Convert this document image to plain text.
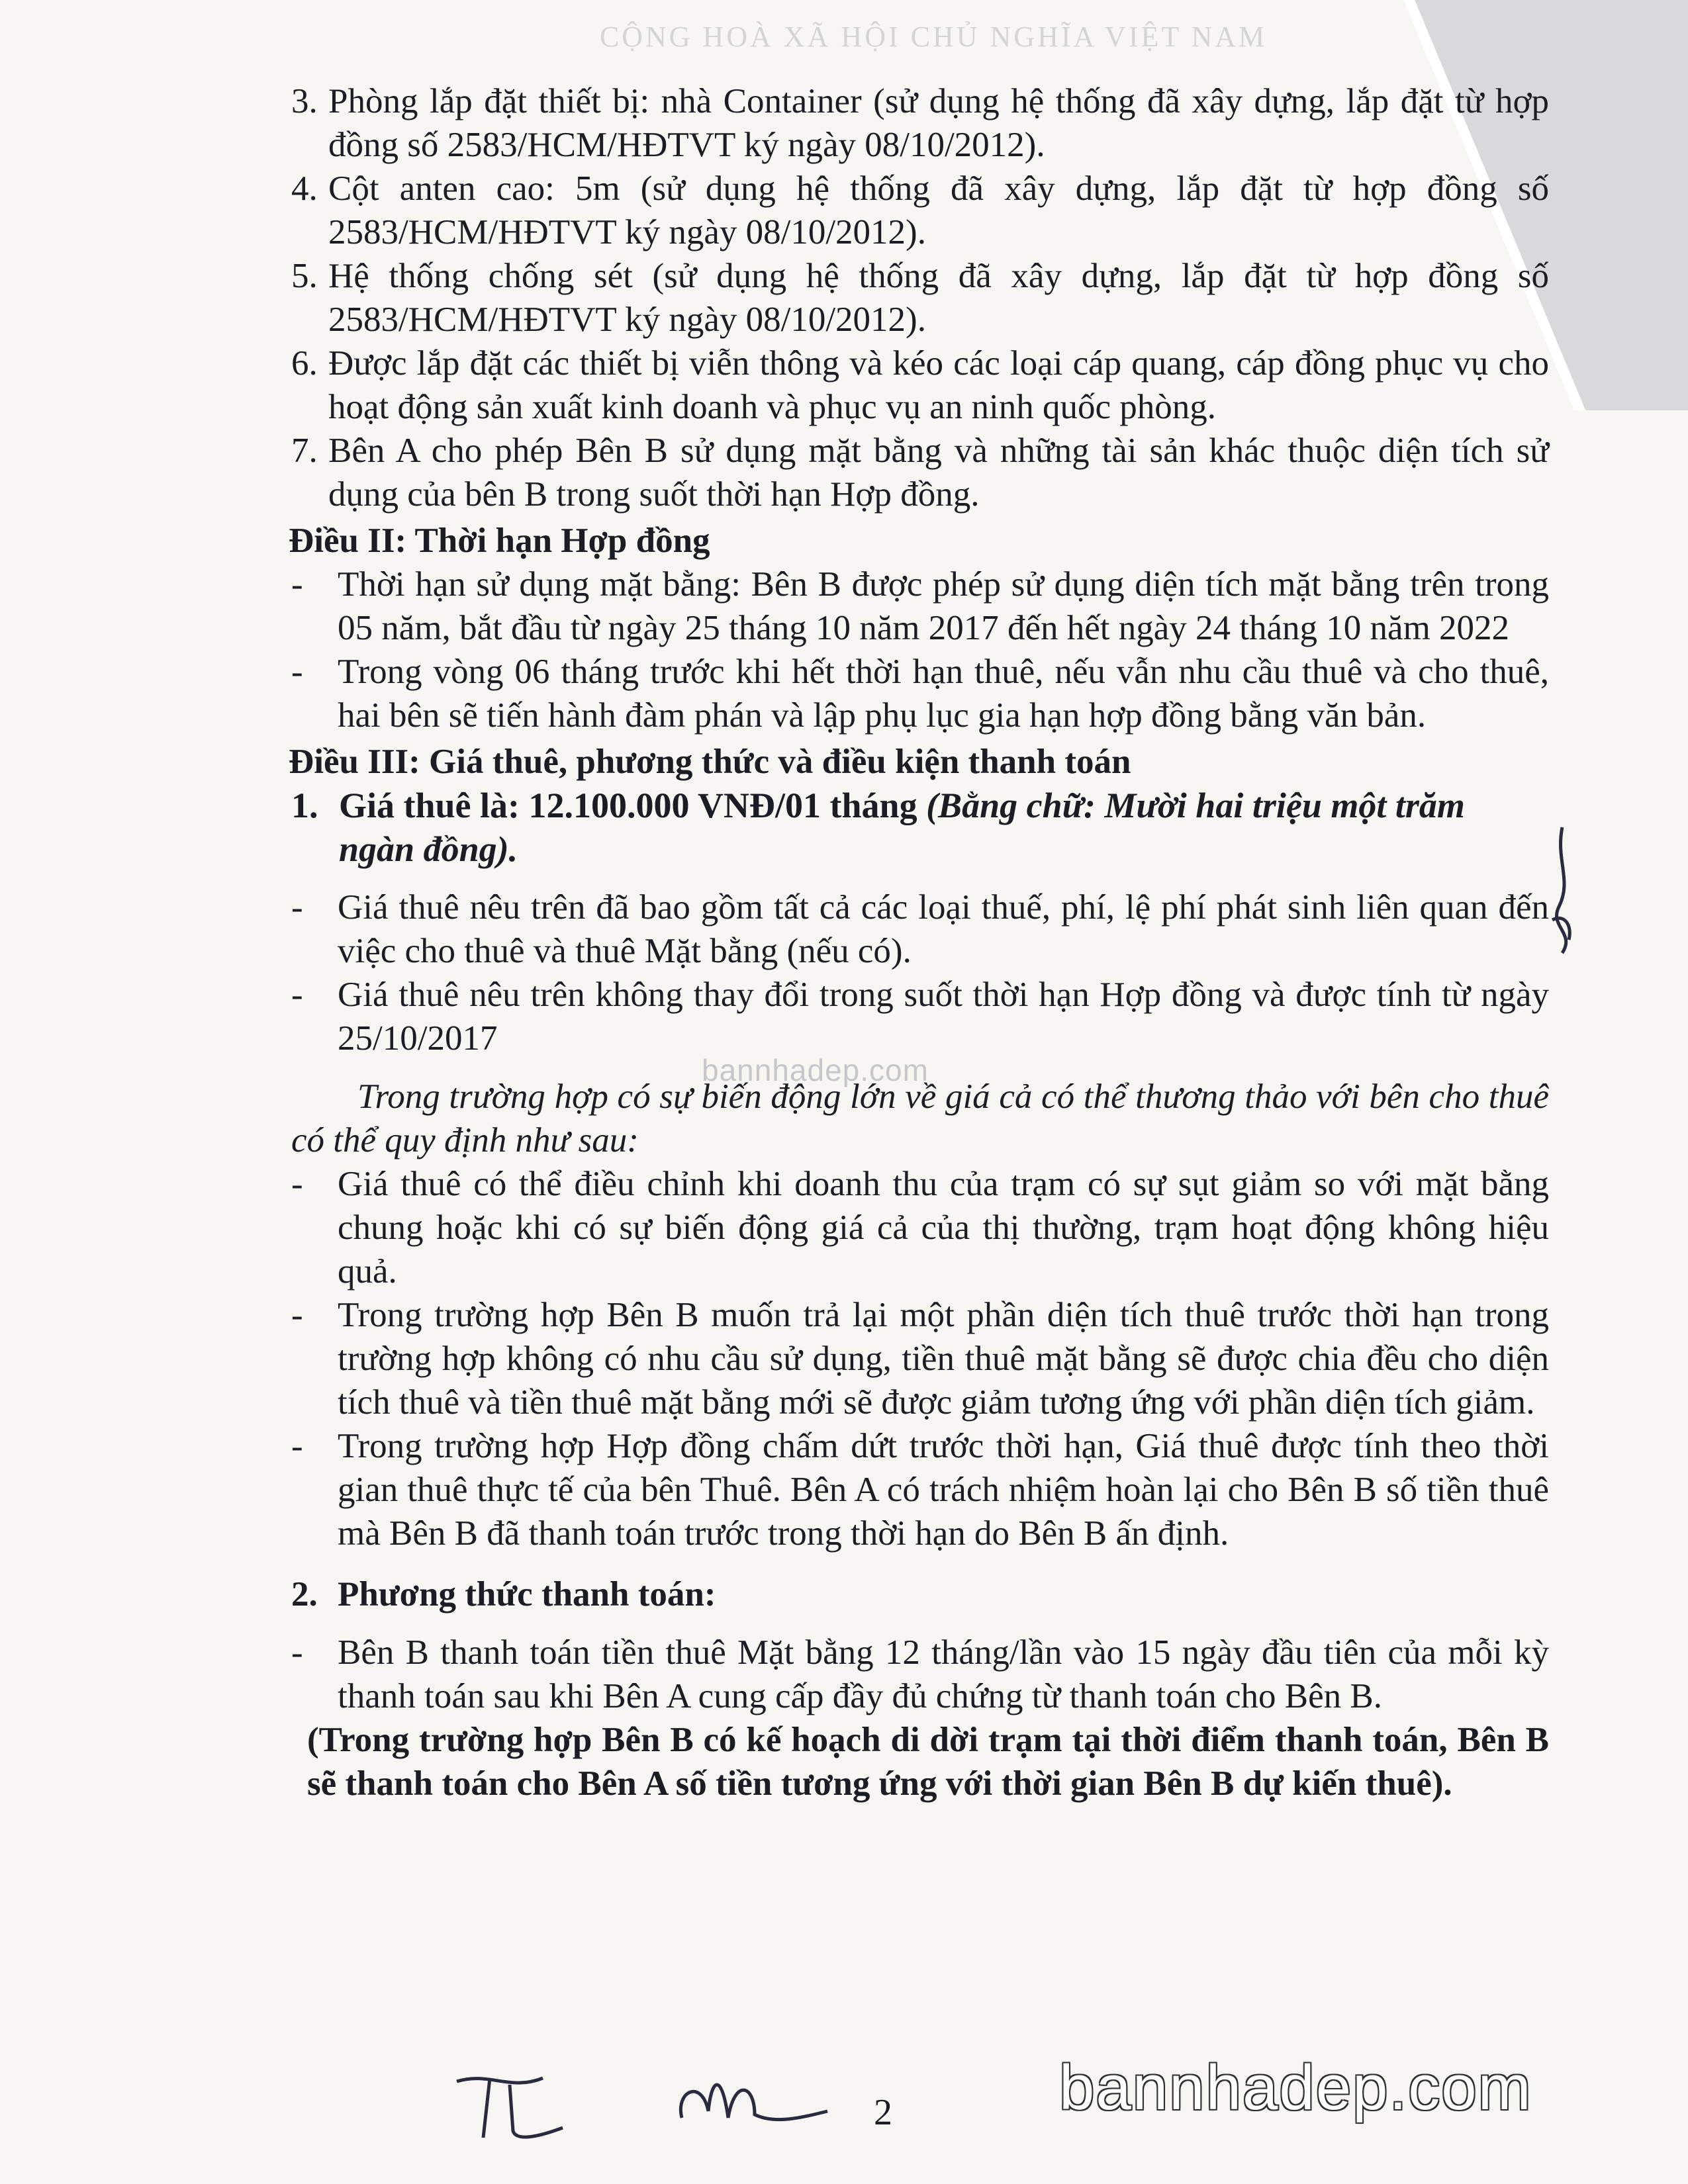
CỘNG HOÀ XÃ HỘI CHỦ NGHĨA VIỆT NAM
3. Phòng lắp đặt thiết bị: nhà Container (sử dụng hệ thống đã xây dựng, lắp đặt từ hợp đồng số 2583/HCM/HĐTVT ký ngày 08/10/2012).
4. Cột anten cao: 5m (sử dụng hệ thống đã xây dựng, lắp đặt từ hợp đồng số 2583/HCM/HĐTVT ký ngày 08/10/2012).
5. Hệ thống chống sét (sử dụng hệ thống đã xây dựng, lắp đặt từ hợp đồng số 2583/HCM/HĐTVT ký ngày 08/10/2012).
6. Được lắp đặt các thiết bị viễn thông và kéo các loại cáp quang, cáp đồng phục vụ cho hoạt động sản xuất kinh doanh và phục vụ an ninh quốc phòng.
7. Bên A cho phép Bên B sử dụng mặt bằng và những tài sản khác thuộc diện tích sử dụng của bên B trong suốt thời hạn Hợp đồng.
Điều II: Thời hạn Hợp đồng
- Thời hạn sử dụng mặt bằng: Bên B được phép sử dụng diện tích mặt bằng trên trong 05 năm, bắt đầu từ ngày 25 tháng 10 năm 2017 đến hết ngày 24 tháng 10 năm 2022
- Trong vòng 06 tháng trước khi hết thời hạn thuê, nếu vẫn nhu cầu thuê và cho thuê, hai bên sẽ tiến hành đàm phán và lập phụ lục gia hạn hợp đồng bằng văn bản.
Điều III: Giá thuê, phương thức và điều kiện thanh toán
1. Giá thuê là: 12.100.000 VNĐ/01 tháng (Bằng chữ: Mười hai triệu một trăm ngàn đồng).
- Giá thuê nêu trên đã bao gồm tất cả các loại thuế, phí, lệ phí phát sinh liên quan đến việc cho thuê và thuê Mặt bằng (nếu có).
- Giá thuê nêu trên không thay đổi trong suốt thời hạn Hợp đồng và được tính từ ngày 25/10/2017
Trong trường hợp có sự biến động lớn về giá cả có thể thương thảo với bên cho thuê có thể quy định như sau:
- Giá thuê có thể điều chỉnh khi doanh thu của trạm có sự sụt giảm so với mặt bằng chung hoặc khi có sự biến động giá cả của thị thường, trạm hoạt động không hiệu quả.
- Trong trường hợp Bên B muốn trả lại một phần diện tích thuê trước thời hạn trong trường hợp không có nhu cầu sử dụng, tiền thuê mặt bằng sẽ được chia đều cho diện tích thuê và tiền thuê mặt bằng mới sẽ được giảm tương ứng với phần diện tích giảm.
- Trong trường hợp Hợp đồng chấm dứt trước thời hạn, Giá thuê được tính theo thời gian thuê thực tế của bên Thuê. Bên A có trách nhiệm hoàn lại cho Bên B số tiền thuê mà Bên B đã thanh toán trước trong thời hạn do Bên B ấn định.
2. Phương thức thanh toán:
- Bên B thanh toán tiền thuê Mặt bằng 12 tháng/lần vào 15 ngày đầu tiên của mỗi kỳ thanh toán sau khi Bên A cung cấp đầy đủ chứng từ thanh toán cho Bên B.
(Trong trường hợp Bên B có kế hoạch di dời trạm tại thời điểm thanh toán, Bên B sẽ thanh toán cho Bên A số tiền tương ứng với thời gian Bên B dự kiến thuê).
bannhadep.com
2	bannhadep.com
